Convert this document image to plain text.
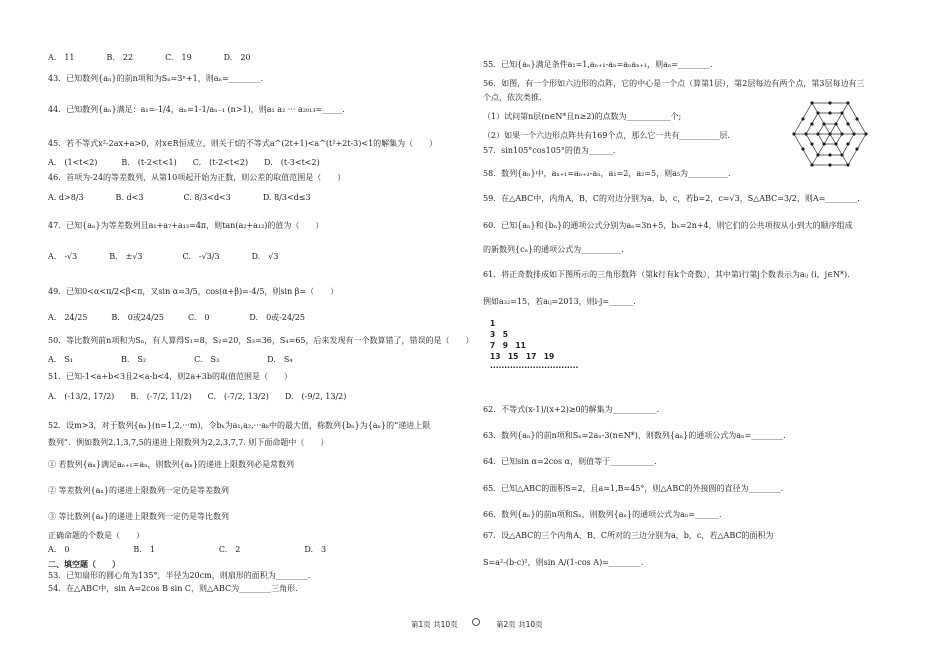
A.　11　　　　B.　22　　　　C.　19　　　　D.　20
43．已知数列{aₙ}的前n项和为Sₙ=3ⁿ+1，则aₙ=________.
44．已知数列{aₙ}满足：a₁=-1/4，aₙ=1-1/aₙ₋₁ (n>1)，则a₁ a₂ ··· a₂₀₁₃=_____.
45．若不等式x²-2ax+a>0，对x∈R恒成立，则关于t的不等式a^(2t+1)<a^(t²+2t-3)<1的解集为（　　）
A.　(1<t<2)　　　B.　(t-2<t<1)　　C.　(t-2<t<2)　　D.　(t-3<t<2)
46．首项为-24的等差数列，从第10项起开始为正数，则公差的取值范围是（　　）
A. d>8/3　　　　B. d<3　　　　　C. 8/3<d<3　　　　D. 8/3<d≤3
47．已知{aₙ}为等差数列且a₁+a₇+a₁₃=4π，则tan(a₂+a₁₂)的值为（　　）
A.　-√3　　　　B.　±√3　　　　　C.　-√3/3　　　　D.　√3
49．已知0<α<π/2<β<π，又sin α=3/5，cos(α+β)=-4/5，则sin β=（　　）
A.　24/25　　　B.　0或24/25　　　C.　0　　　　　D.　0或-24/25
50．等比数列前n项和为Sₙ，有人算得S₁=8，S₂=20，S₃=36，S₄=65，后来发现有一个数算错了，错误的是（　　）
A.　S₁　　　　　　B.　S₂　　　　　　C.　S₃　　　　　　D.　S₄
51．已知-1<a+b<3且2<a-b<4，则2a+3b的取值范围是（　　）
A.　(-13/2, 17/2)　　B.　(-7/2, 11/2)　　C.　(-7/2, 13/2)　　D.　(-9/2, 13/2)
52．设m>3，对于数列{aₙ}(n=1,2,···m)，令bₖ为a₁,a₂,···aₖ中的最大值，称数列{bₙ}为{aₙ}的“递进上限
数列”．例如数列2,1,3,7,5的递进上限数列为2,2,3,7,7. 则下面命题中（　　）
① 若数列{aₙ}满足aₙ₊₁=aₙ，则数列{aₙ}的递进上限数列必是常数列
② 等差数列{aₙ}的递进上限数列一定仍是等差数列
③ 等比数列{aₙ}的递进上限数列一定仍是等比数列
正确命题的个数是（　　）
A.　0　　　　　　　　B.　1　　　　　　　　C.　2　　　　　　　　D.　3
二、填空题（　　）
53．已知扇形的圆心角为135°，半径为20cm，则扇形的面积为________.
54．在△ABC中，sin A=2cos B sin C，则△ABC为________三角形.
55．已知{aₙ}满足条件a₁=1,aₙ₊₁-aₙ=aₙaₙ₊₁，则aₙ=________.
56．如图，有一个形如六边形的点阵，它的中心是一个点（算第1层），第2层每边有两个点，第3层每边有三
个点，依次类推．
（1）试问第n层(n∈N*且n≥2)的点数为___________个;
（2）如果一个六边形点阵共有169个点，那么它一共有__________层.
57．sin105°cos105°的值为______.
58．数列{aₙ}中，aₙ₊₁=aₙ₊₂-aₙ，a₁=2，a₂=5，则a₅为__________.
59．在△ABC中，内角A，B，C的对边分别为a，b，c，若b=2，c=√3，S△ABC=3/2，则A=________.
60．已知{aₙ}和{bₙ}的通项公式分别为aₙ=3n+5，bₙ=2n+4，则它们的公共项按从小到大的顺序组成
的新数列{cₙ}的通项公式为__________.
61．将正奇数排成如下图所示的三角形数阵（第k行有k个奇数），其中第i行第j个数表示为aᵢⱼ (i，j∈N*).
例如a₃₂=15，若aᵢⱼ=2013，则i-j=______.
62．不等式(x-1)/(x+2)≥0的解集为___________.
63．数列{aₙ}的前n项和Sₙ=2aₙ-3(n∈N*)，则数列{aₙ}的通项公式为aₙ=________.
64．已知sin α=2cos α，则值等于___________.
65．已知△ABC的面积S=2，且a=1,B=45°，则△ABC的外接圆的直径为________.
66．数列{aₙ}的前n项和Sₙ，则数列{aₙ}的通项公式为aₙ=______.
67．设△ABC的三个内角A、B、C所对的三边分别为a，b，c，若△ABC的面积为
S=a²-(b-c)²，则sin A/(1-cos A)=________.
1
3　5
7　9　11
13　15　17　19
·······························
第1页 共10页	第2页 共10页
